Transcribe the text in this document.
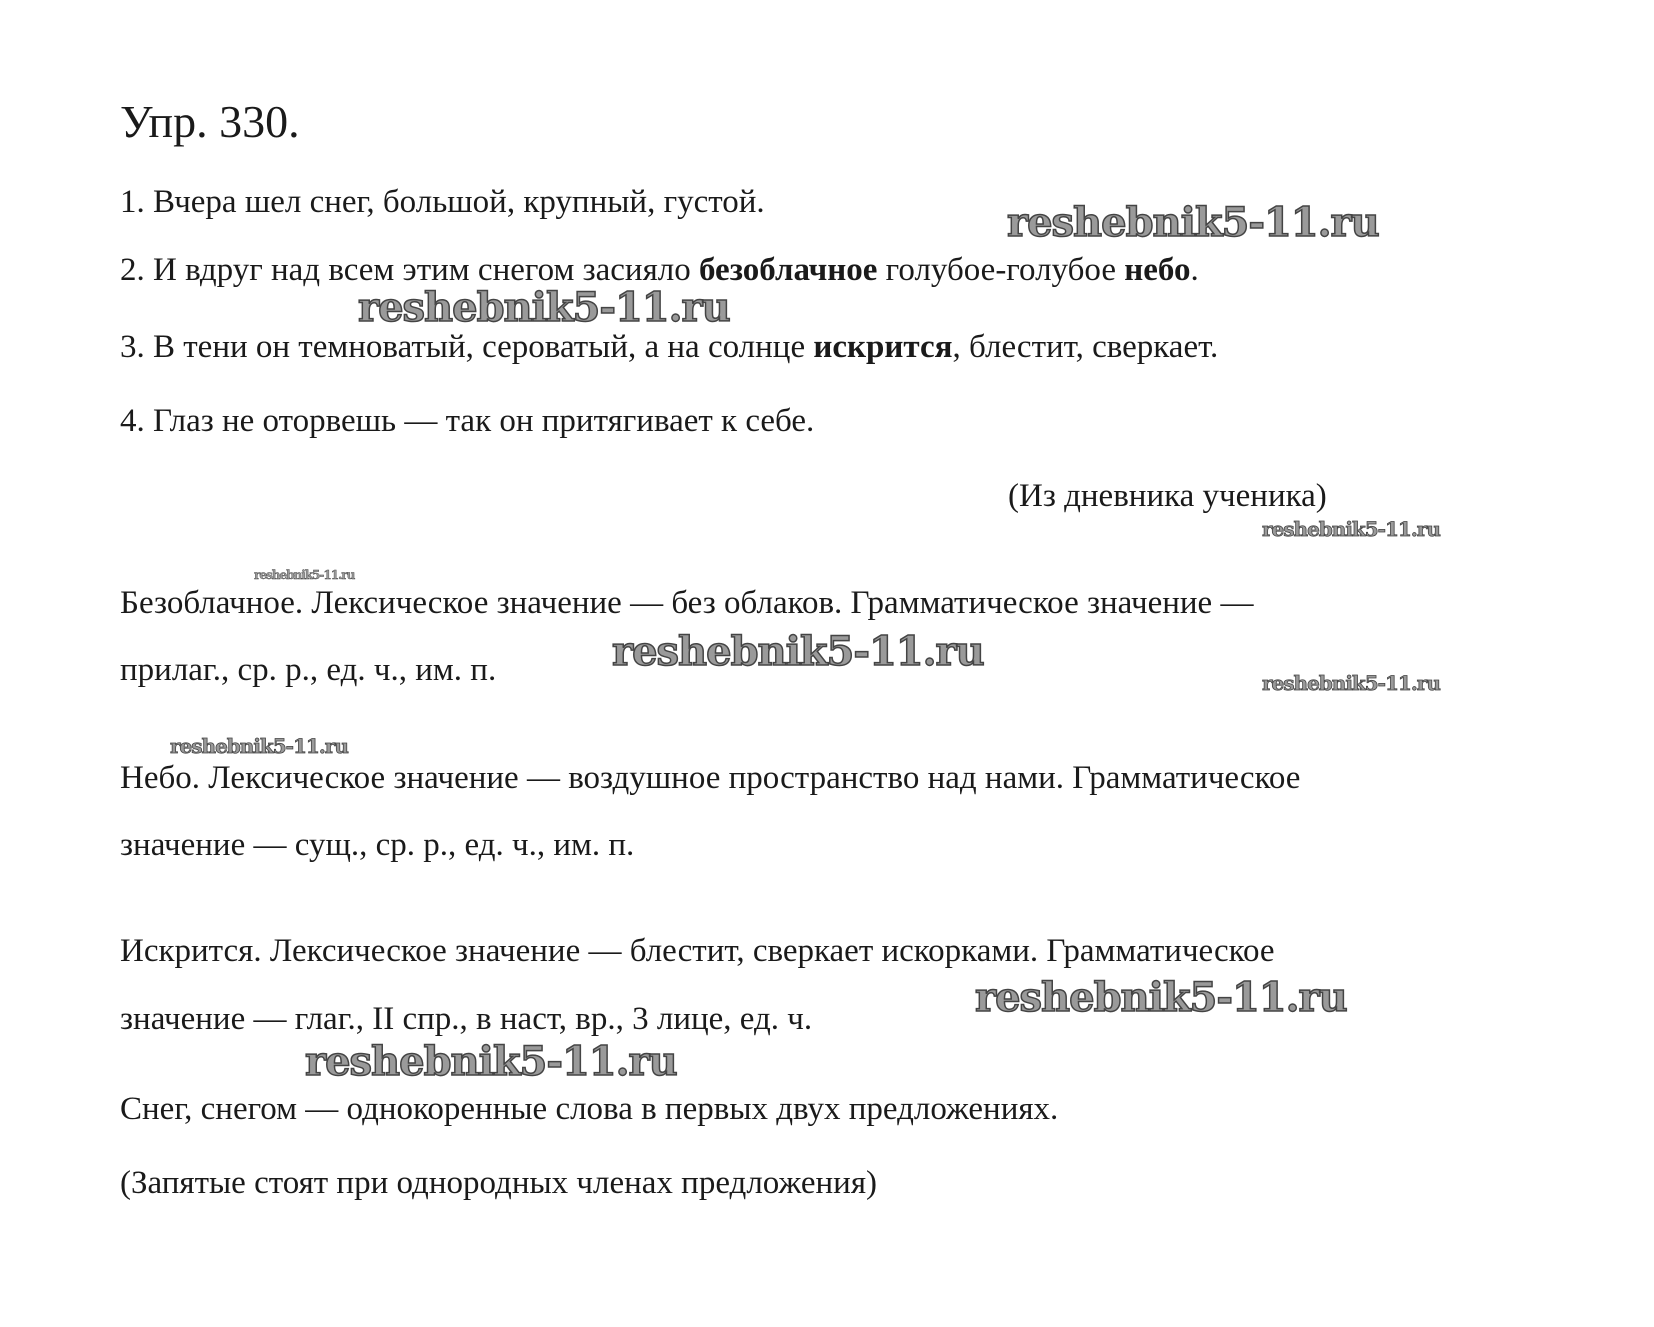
Упр. 330.
1. Вчера шел снег, большой, крупный, густой.
2. И вдруг над всем этим снегом засияло безоблачное голубое-голубое небо.
3. В тени он темноватый, сероватый, а на солнце искрится, блестит, сверкает.
4. Глаз не оторвешь — так он притягивает к себе.
(Из дневника ученика)
Безоблачное. Лексическое значение — без облаков. Грамматическое значение —
прилаг., ср. р., ед. ч., им. п.
Небо. Лексическое значение — воздушное пространство над нами. Грамматическое
значение — сущ., ср. р., ед. ч., им. п.
Искрится. Лексическое значение — блестит, сверкает искорками. Грамматическое
значение — глаг., II спр., в наст, вр., 3 лице, ед. ч.
Снег, снегом — однокоренные слова в первых двух предложениях.
(Запятые стоят при однородных членах предложения)
reshebnik5-11.ru
reshebnik5-11.ru
reshebnik5-11.ru
reshebnik5-11.ru
reshebnik5-11.ru
reshebnik5-11.ru
reshebnik5-11.ru
reshebnik5-11.ru
reshebnik5-11.ru
